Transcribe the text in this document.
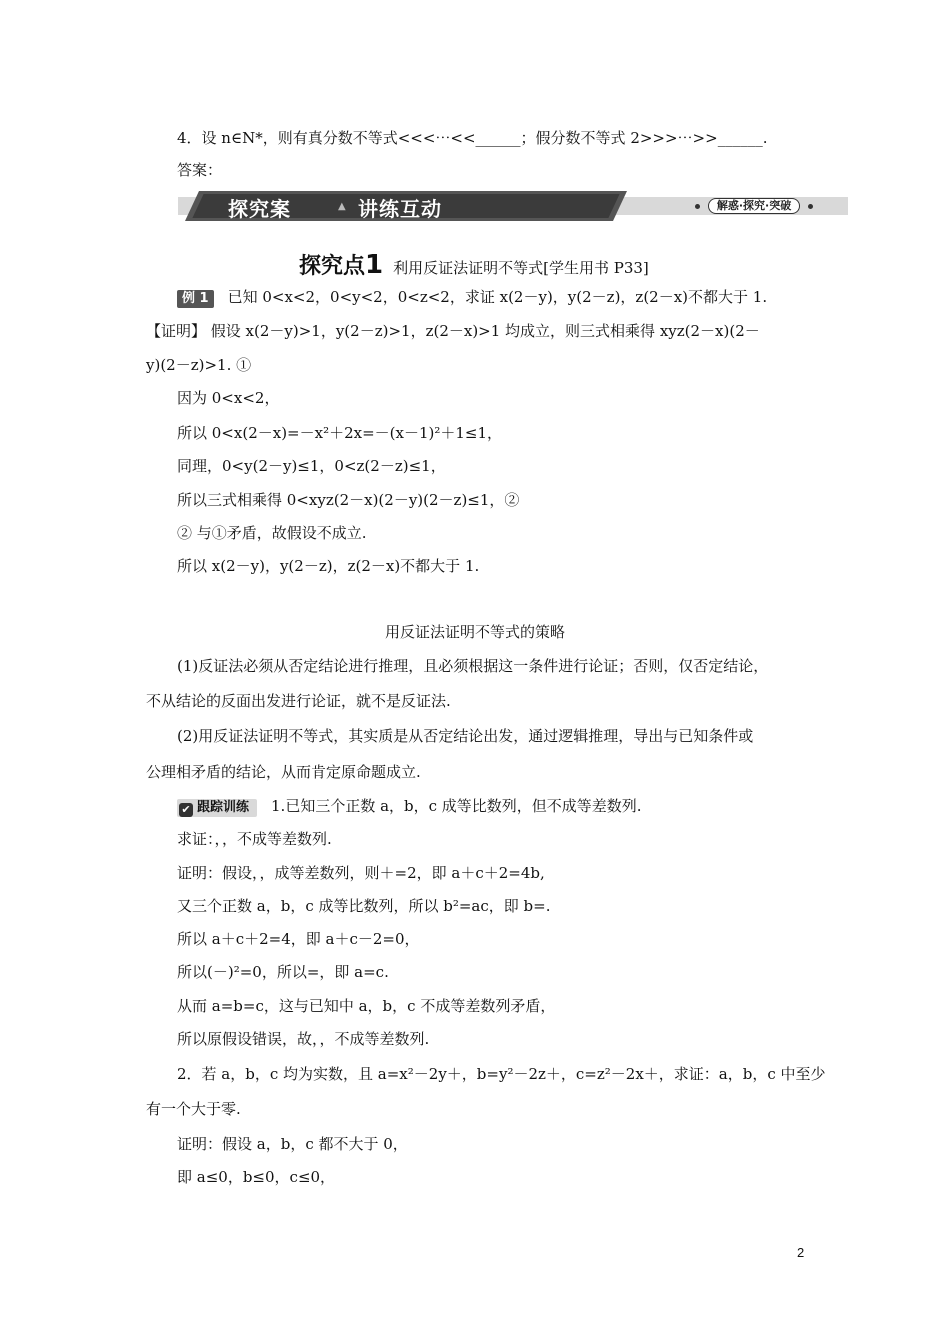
4．设 n∈N*，则有真分数不等式<<<⋯<<______；假分数不等式 2>>>⋯>>______.
答案：
探究案	▲ 讲练互动	解惑·探究·突破
探究点1 利用反证法证明不等式[学生用书 P33]
例 1 已知 0<x<2，0<y<2，0<z<2，求证 x(2－y)，y(2－z)，z(2－x)不都大于 1.
【证明】 假设 x(2－y)>1，y(2－z)>1，z(2－x)>1 均成立，则三式相乘得 xyz(2－x)(2－
y)(2－z)>1. ①
因为 0<x<2，
所以 0<x(2－x)=－x²＋2x=－(x－1)²＋1≤1，
同理，0<y(2－y)≤1，0<z(2－z)≤1，
所以三式相乘得 0<xyz(2－x)(2－y)(2－z)≤1，②
② 与①矛盾，故假设不成立.
所以 x(2－y)，y(2－z)，z(2－x)不都大于 1.
用反证法证明不等式的策略
(1)反证法必须从否定结论进行推理，且必须根据这一条件进行论证；否则，仅否定结论，
不从结论的反面出发进行论证，就不是反证法.
(2)用反证法证明不等式，其实质是从否定结论出发，通过逻辑推理，导出与已知条件或
公理相矛盾的结论，从而肯定原命题成立.
✔ 跟踪训练 1.已知三个正数 a，b，c 成等比数列，但不成等差数列.
求证：，，不成等差数列.
证明：假设，，成等差数列，则＋=2，即 a＋c＋2=4b,
又三个正数 a，b，c 成等比数列，所以 b²=ac，即 b=.
所以 a＋c＋2=4，即 a＋c－2=0，
所以(－)²=0，所以=，即 a=c.
从而 a=b=c，这与已知中 a，b，c 不成等差数列矛盾，
所以原假设错误，故，，不成等差数列.
2．若 a，b，c 均为实数，且 a=x²－2y＋，b=y²－2z＋，c=z²－2x＋，求证：a，b，c 中至少
有一个大于零.
证明：假设 a，b，c 都不大于 0，
即 a≤0，b≤0，c≤0，
2
